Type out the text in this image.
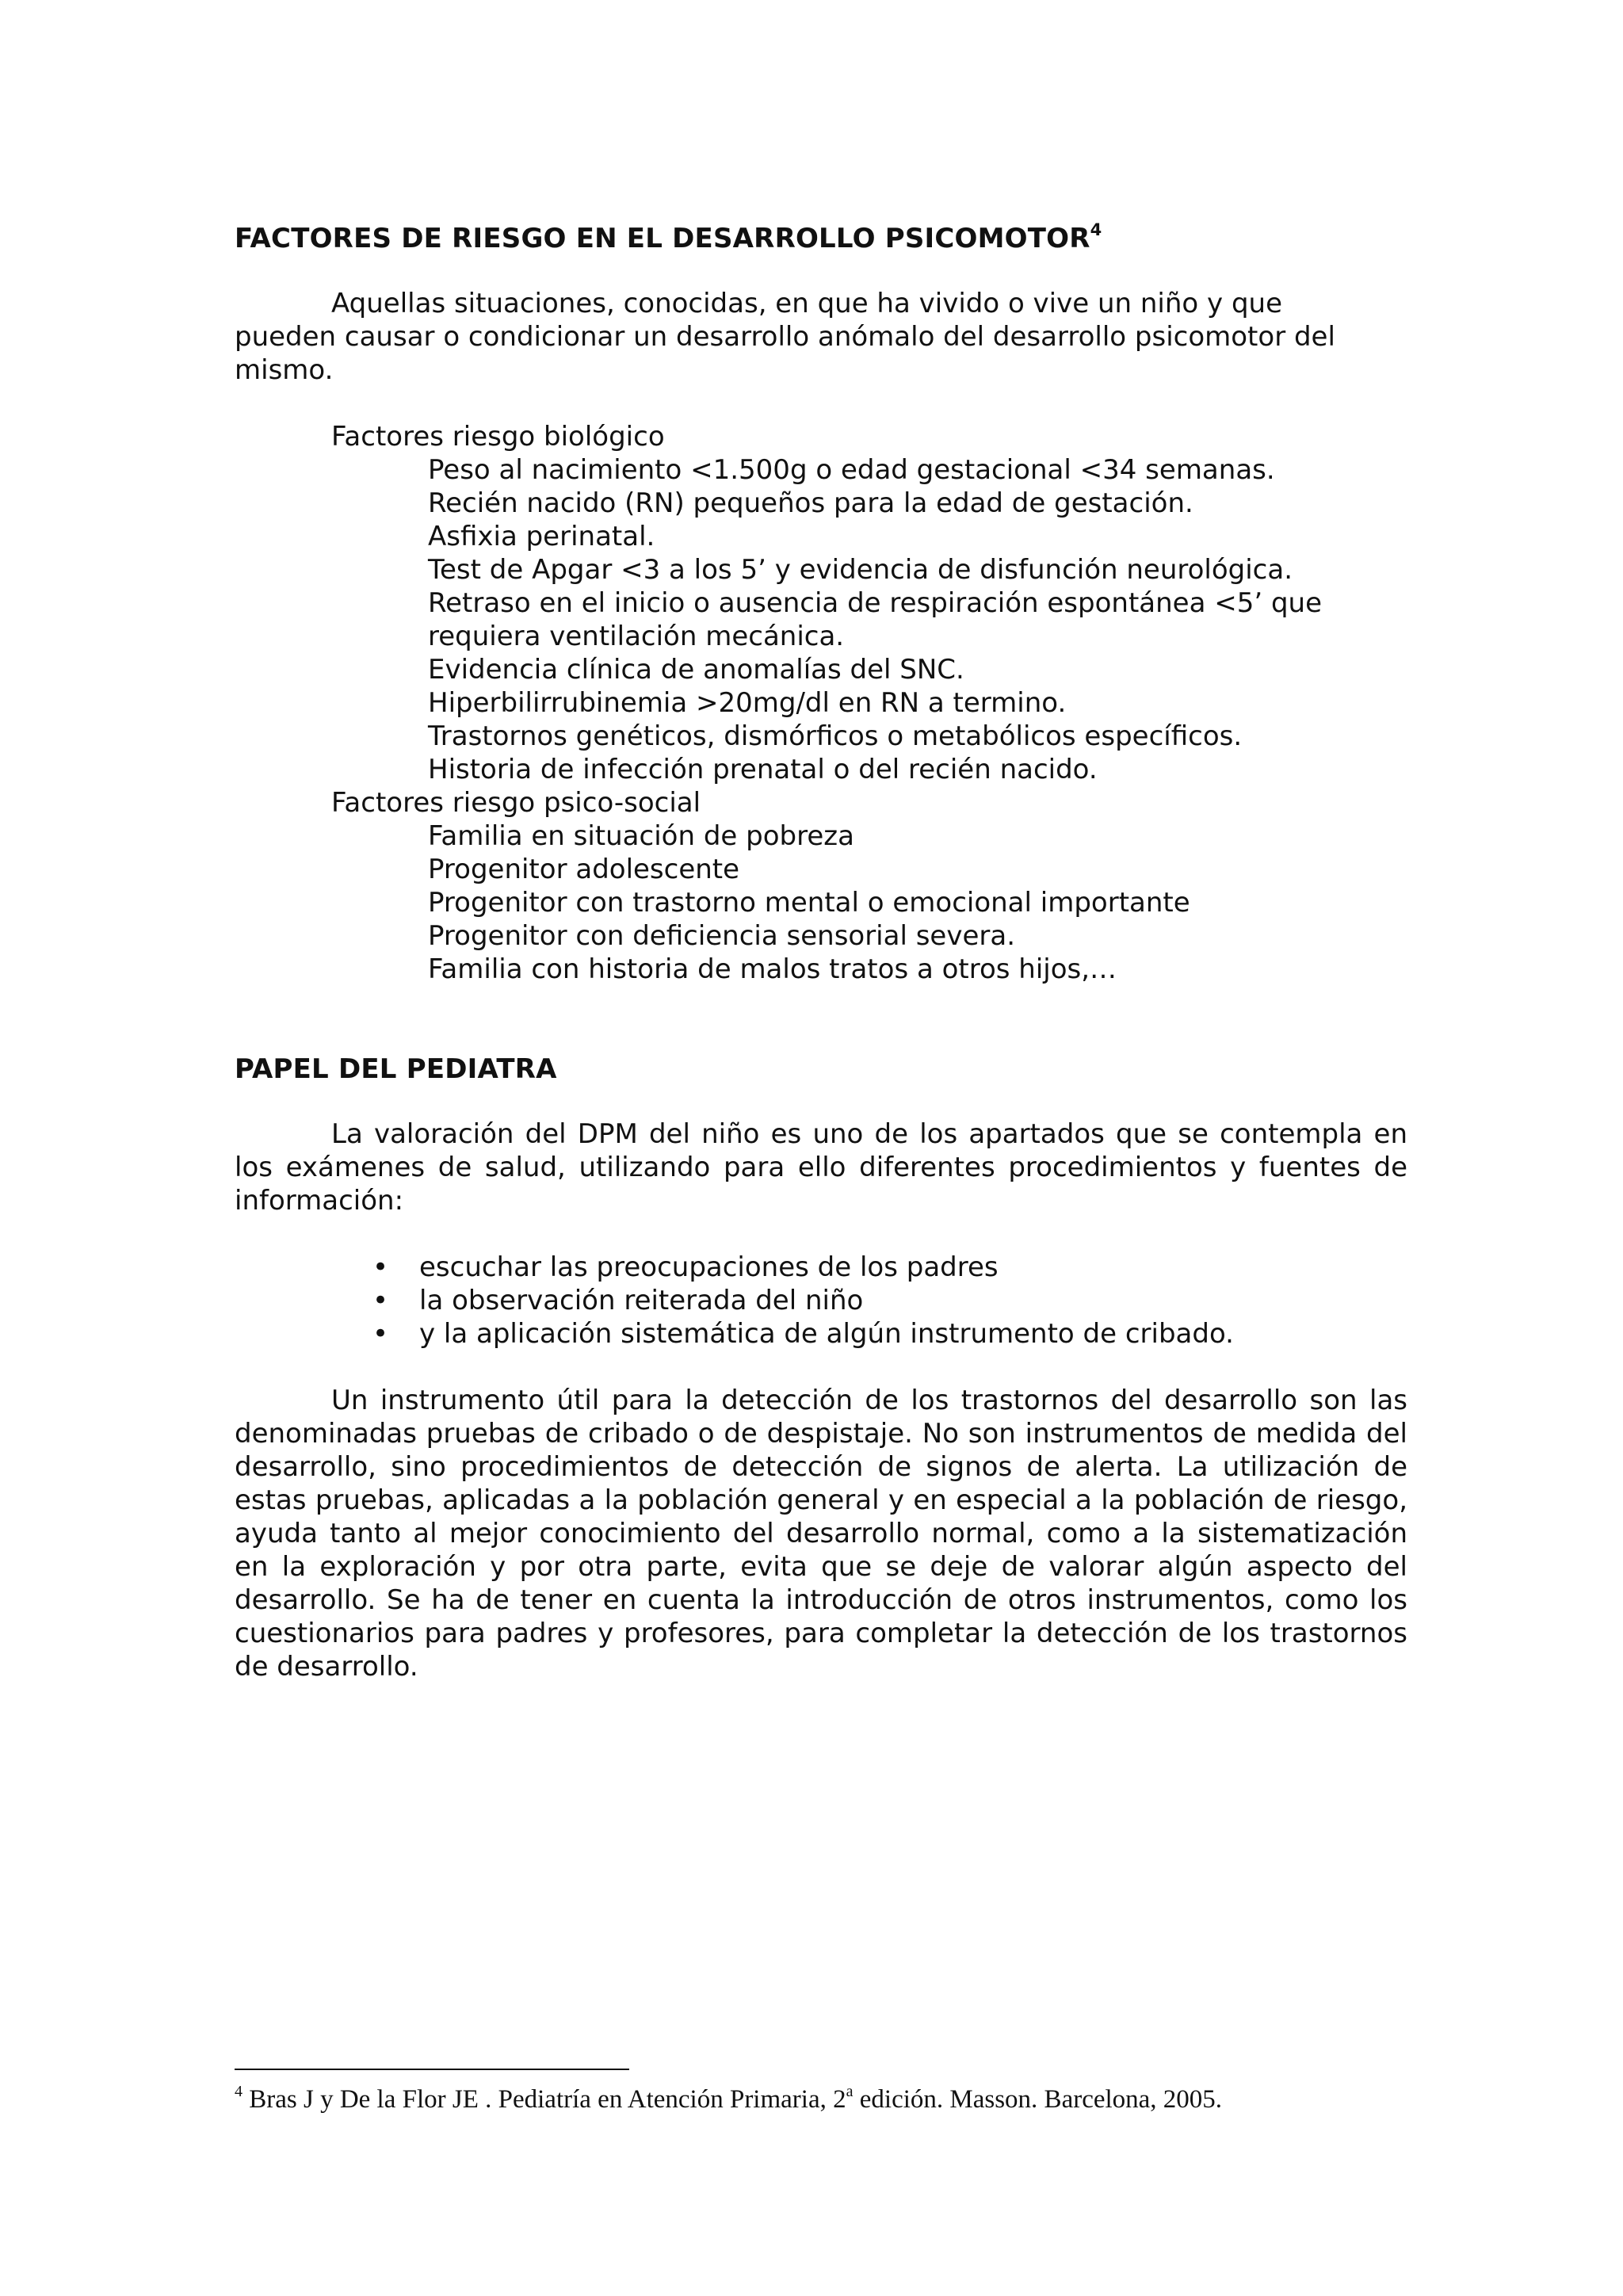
FACTORES DE RIESGO EN EL DESARROLLO PSICOMOTOR$^4$

Aquellas situaciones, conocidas, en que ha vivido o vive un niño y que

pueden causar o condicionar un desarrollo anómalo del desarrollo psicomotor del

mismo.

Factores riesgo biológico

Peso al nacimiento <1.500g o edad gestacional <34 semanas.

Recién nacido (RN) pequeños para la edad de gestación.

Asfixia perinatal.

Test de Apgar <3 a los 5’ y evidencia de disfunción neurológica.

Retraso en el inicio o ausencia de respiración espontánea <5’ que

requiera ventilación mecánica.

Evidencia clínica de anomalías del SNC.

Hiperbilirrubinemia >20mg/dl en RN a termino.

Trastornos genéticos, dismórficos o metabólicos específicos.

Historia de infección prenatal o del recién nacido.

Factores riesgo psico-social

Familia en situación de pobreza

Progenitor adolescente

Progenitor con trastorno mental o emocional importante

Progenitor con deficiencia sensorial severa.

Familia con historia de malos tratos a otros hijos,…

PAPEL DEL PEDIATRA

La valoración del DPM del niño es uno de los apartados que se contempla en los exámenes de salud, utilizando para ello diferentes procedimientos y fuentes de información:

• escuchar las preocupaciones de los padres
• la observación reiterada del niño
• y la aplicación sistemática de algún instrumento de cribado.

Un instrumento útil para la detección de los trastornos del desarrollo son las denominadas pruebas de cribado o de despistaje. No son instrumentos de medida del desarrollo, sino procedimientos de detección de signos de alerta. La utilización de estas pruebas, aplicadas a la población general y en especial a la población de riesgo, ayuda tanto al mejor conocimiento del desarrollo normal, como a la sistematización en la exploración y por otra parte, evita que se deje de valorar algún aspecto del desarrollo. Se ha de tener en cuenta la introducción de otros instrumentos, como los cuestionarios para padres y profesores, para completar la detección de los trastornos de desarrollo.

$^4$ Bras J y De la Flor JE . Pediatría en Atención Primaria, 2$^a$ edición. Masson. Barcelona, 2005.
